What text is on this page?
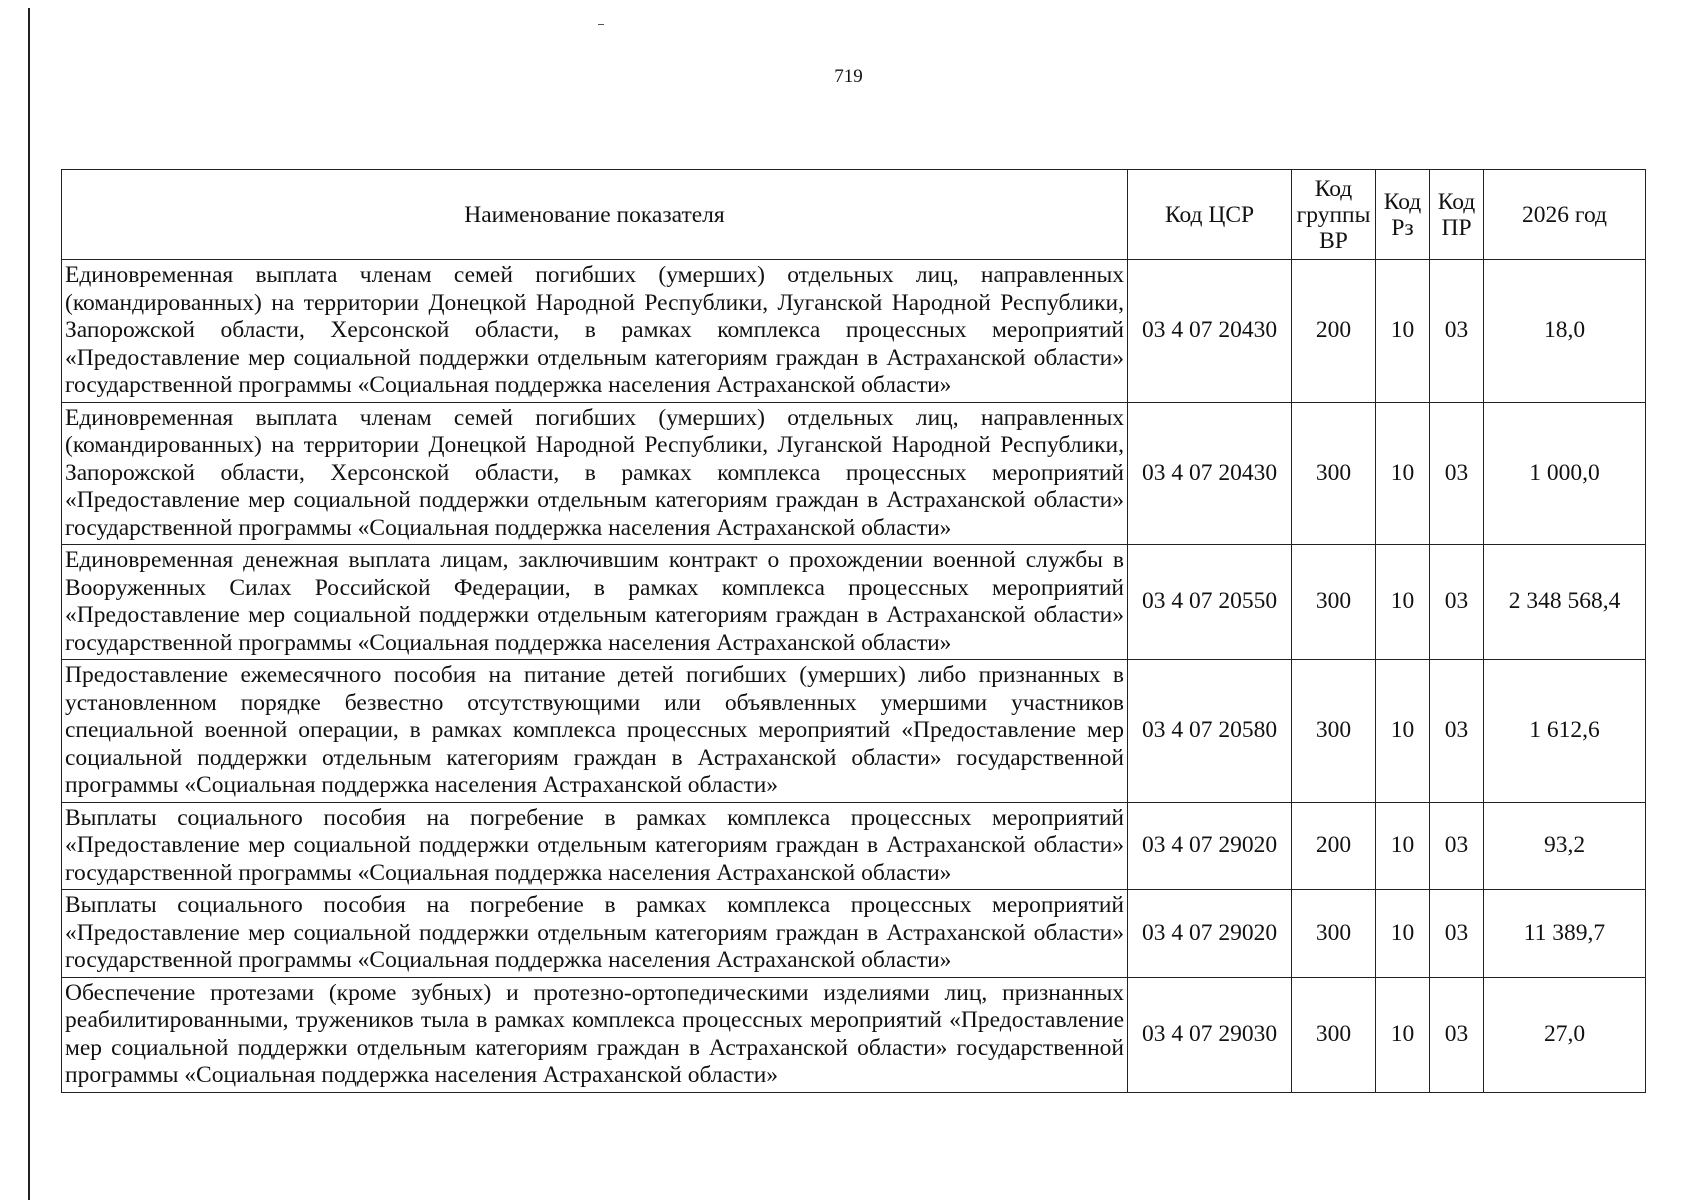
719
Наименование показателя	Код ЦСР	Код группы ВР	Код Рз	Код ПР	2026 год
Единовременная выплата членам семей погибших (умерших) отдельных лиц, направленных (командированных) на территории Донецкой Народной Республики, Луганской Народной Республики, Запорожской области, Херсонской области, в рамках комплекса процессных мероприятий «Предоставление мер социальной поддержки отдельным категориям граждан в Астраханской области» государственной программы «Социальная поддержка населения Астраханской области»	03 4 07 20430	200	10	03	18,0
Единовременная выплата членам семей погибших (умерших) отдельных лиц, направленных (командированных) на территории Донецкой Народной Республики, Луганской Народной Республики, Запорожской области, Херсонской области, в рамках комплекса процессных мероприятий «Предоставление мер социальной поддержки отдельным категориям граждан в Астраханской области» государственной программы «Социальная поддержка населения Астраханской области»	03 4 07 20430	300	10	03	1 000,0
Единовременная денежная выплата лицам, заключившим контракт о прохождении военной службы в Вооруженных Силах Российской Федерации, в рамках комплекса процессных мероприятий «Предоставление мер социальной поддержки отдельным категориям граждан в Астраханской области» государственной программы «Социальная поддержка населения Астраханской области»	03 4 07 20550	300	10	03	2 348 568,4
Предоставление ежемесячного пособия на питание детей погибших (умерших) либо признанных в установленном порядке безвестно отсутствующими или объявленных умершими участников специальной военной операции, в рамках комплекса процессных мероприятий «Предоставление мер социальной поддержки отдельным категориям граждан в Астраханской области» государственной программы «Социальная поддержка населения Астраханской области»	03 4 07 20580	300	10	03	1 612,6
Выплаты социального пособия на погребение в рамках комплекса процессных мероприятий «Предоставление мер социальной поддержки отдельным категориям граждан в Астраханской области» государственной программы «Социальная поддержка населения Астраханской области»	03 4 07 29020	200	10	03	93,2
Выплаты социального пособия на погребение в рамках комплекса процессных мероприятий «Предоставление мер социальной поддержки отдельным категориям граждан в Астраханской области» государственной программы «Социальная поддержка населения Астраханской области»	03 4 07 29020	300	10	03	11 389,7
Обеспечение протезами (кроме зубных) и протезно-ортопедическими изделиями лиц, признанных реабилитированными, тружеников тыла в рамках комплекса процессных мероприятий «Предоставление мер социальной поддержки отдельным категориям граждан в Астраханской области» государственной программы «Социальная поддержка населения Астраханской области»	03 4 07 29030	300	10	03	27,0
